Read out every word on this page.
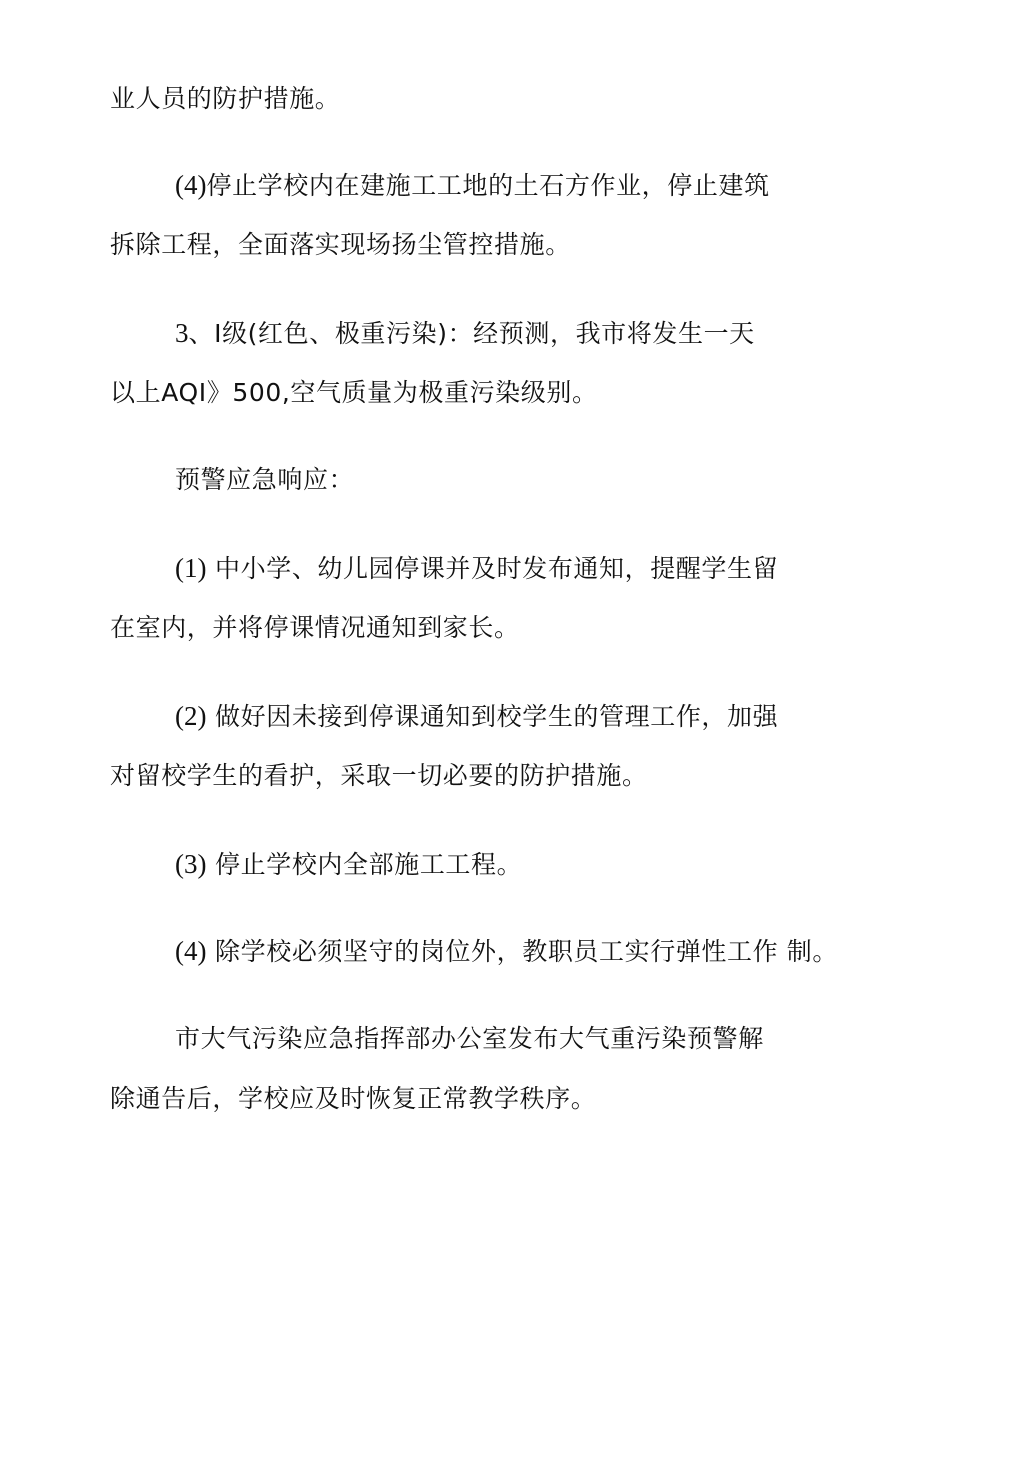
业人员的防护措施。

(4)停止学校内在建施工工地的土石方作业，停止建筑

拆除工程，全面落实现场扬尘管控措施。

3、I级(红色、极重污染)：经预测，我市将发生一天

以上AQI》500,空气质量为极重污染级别。

预警应急响应：

(1) 中小学、幼儿园停课并及时发布通知，提醒学生留

在室内，并将停课情况通知到家长。

(2) 做好因未接到停课通知到校学生的管理工作，加强

对留校学生的看护，采取一切必要的防护措施。

(3) 停止学校内全部施工工程。

(4) 除学校必须坚守的岗位外，教职员工实行弹性工作 制。

市大气污染应急指挥部办公室发布大气重污染预警解

除通告后，学校应及时恢复正常教学秩序。
